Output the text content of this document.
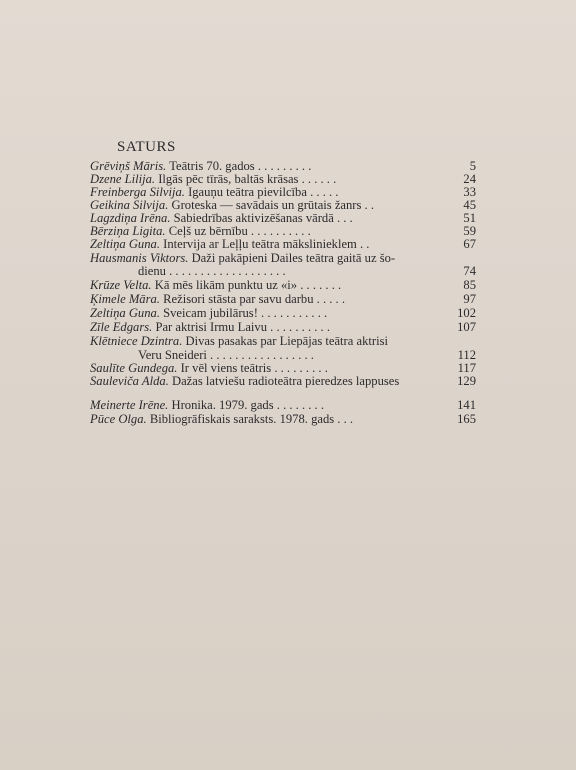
SATURS
Grēviņš Māris. Teātris 70. gados . . . . . . . . .	5
Dzene Lilija. Ilgās pēc tīrās, baltās krāsas . . . . . .	24
Freinberga Silvija. Igauņu teātra pievilcība . . . . .	33
Geikina Silvija. Groteska — savādais un grūtais žanrs . .	45
Lagzdiņa Irēna. Sabiedrības aktivizēšanas vārdā . . .	51
Bērziņa Ligita. Ceļš uz bērnību . . . . . . . . . .	59
Zeltiņa Guna. Intervija ar Leļļu teātra mākslinieklem . .	67
Hausmanis Viktors. Daži pakāpieni Dailes teātra gaitā uz šo-
dienu . . . . . . . . . . . . . . . . . . .	74
Krūze Velta. Kā mēs likām punktu uz «i» . . . . . . .	85
Ķimele Māra. Režisori stāsta par savu darbu . . . . .	97
Zeltiņa Guna. Sveicam jubilārus! . . . . . . . . . . .	102
Zīle Edgars. Par aktrisi Irmu Laivu . . . . . . . . . .	107
Klētniece Dzintra. Divas pasakas par Liepājas teātra aktrisi
Veru Sneideri . . . . . . . . . . . . . . . . .	112
Saulīte Gundega. Ir vēl viens teātris . . . . . . . . .	117
Sauleviča Alda. Dažas latviešu radioteātra pieredzes lappuses	129
Meinerte Irēne. Hronika. 1979. gads . . . . . . . .	141
Pūce Olga. Bibliogrāfiskais saraksts. 1978. gads . . .	165
